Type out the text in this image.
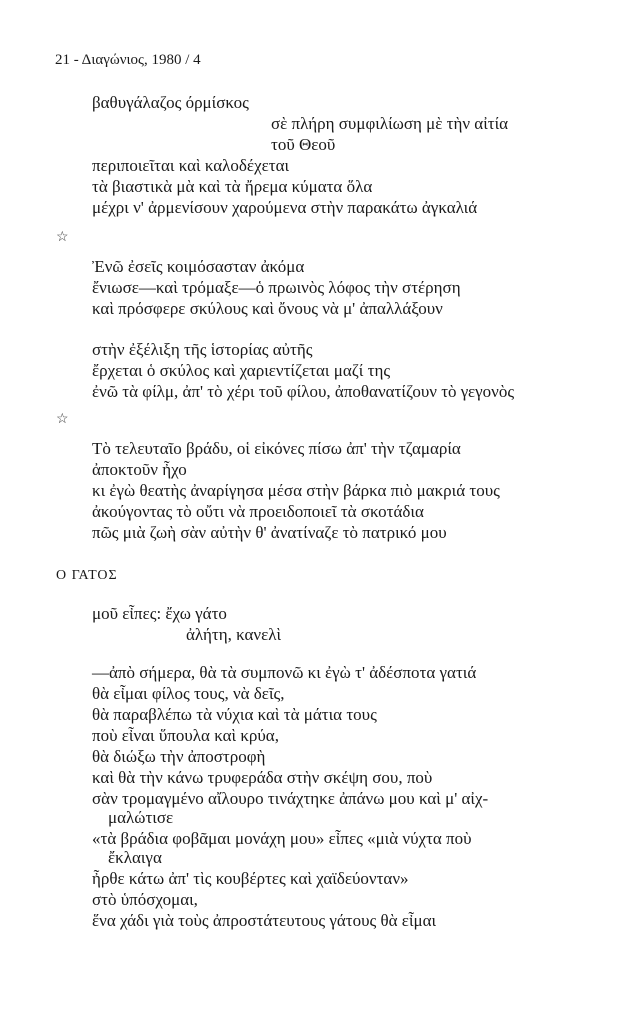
21 - Διαγώνιος, 1980 / 4
βαθυγάλαζος όρμίσκος
σὲ πλήρη συμφιλίωση μὲ τὴν αἰτία
τοῦ Θεοῦ
περιποιεῖται καὶ καλοδέχεται
τὰ βιαστικὰ μὰ καὶ τὰ ἤρεμα κύματα ὅλα
μέχρι ν' ἀρμενίσουν χαρούμενα στὴν παρακάτω ἀγκαλιά
☆
Ἐνῶ ἐσεῖς κοιμόσασταν ἀκόμα
ἔνιωσε—καὶ τρόμαξε—ὁ πρωινὸς λόφος τὴν στέρηση
καὶ πρόσφερε σκύλους καὶ ὄνους νὰ μ' ἀπαλλάξουν
στὴν ἐξέλιξη τῆς ἱστορίας αὐτῆς
ἔρχεται ὁ σκύλος καὶ χαριεντίζεται μαζί της
ἐνῶ τὰ φίλμ, ἀπ' τὸ χέρι τοῦ φίλου, ἀποθανατίζουν τὸ γεγονὸς
☆
Τὸ τελευταῖο βράδυ, οἱ εἰκόνες πίσω ἀπ' τὴν τζαμαρία
ἀποκτοῦν ἦχο
κι ἐγὼ θεατὴς ἀναρίγησα μέσα στὴν βάρκα πιὸ μακριά τους
ἀκούγοντας τὸ οὔτι νὰ προειδοποιεῖ τὰ σκοτάδια
πῶς μιὰ ζωὴ σὰν αὐτὴν θ' ἀνατίναζε τὸ πατρικό μου
Ο ΓΑΤΟΣ
μοῦ εἶπες: ἔχω γάτο
ἀλήτη, κανελὶ
—ἀπὸ σήμερα, θὰ τὰ συμπονῶ κι ἐγὼ τ' ἀδέσποτα γατιά
θὰ εἶμαι φίλος τους, νὰ δεῖς,
θὰ παραβλέπω τὰ νύχια καὶ τὰ μάτια τους
ποὺ εἶναι ὕπουλα καὶ κρύα,
θὰ διώξω τὴν ἀποστροφὴ
καὶ θὰ τὴν κάνω τρυφεράδα στὴν σκέψη σου, ποὺ
σὰν τρομαγμένο αἴλουρο τινάχτηκε ἀπάνω μου καὶ μ' αἰχ-
μαλώτισε
«τὰ βράδια φοβᾶμαι μονάχη μου» εἶπες «μιὰ νύχτα ποὺ
ἔκλαιγα
ἦρθε κάτω ἀπ' τὶς κουβέρτες καὶ χαϊδεύονταν»
στὸ ὑπόσχομαι,
ἕνα χάδι γιὰ τοὺς ἀπροστάτευτους γάτους θὰ εἶμαι
